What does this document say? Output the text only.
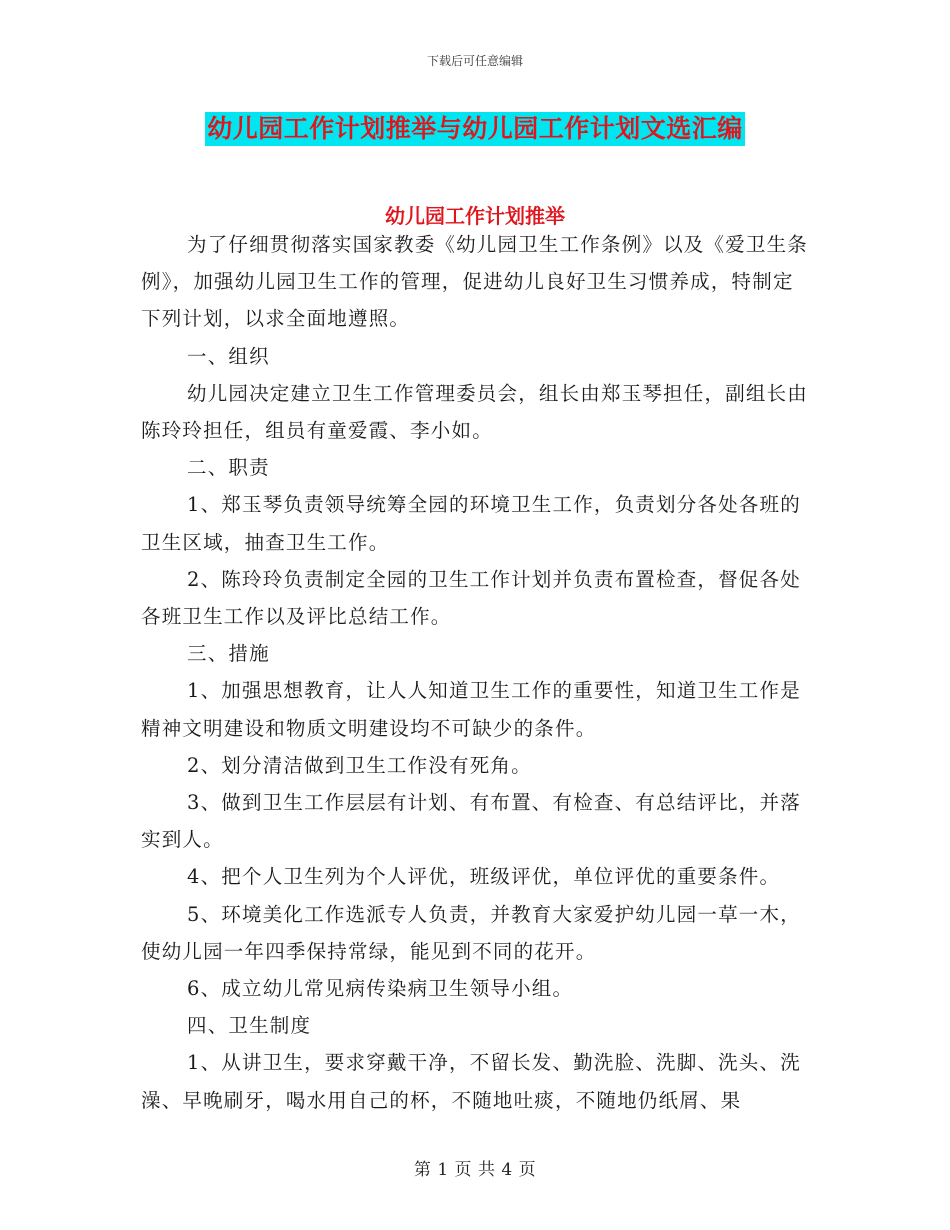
下载后可任意编辑
幼儿园工作计划推举与幼儿园工作计划文选汇编
幼儿园工作计划推举

为了仔细贯彻落实国家教委《幼儿园卫生工作条例》以及《爱卫生条例》，加强幼儿园卫生工作的管理，促进幼儿良好卫生习惯养成，特制定下列计划，以求全面地遵照。

一、组织

幼儿园决定建立卫生工作管理委员会，组长由郑玉琴担任，副组长由陈玲玲担任，组员有童爱霞、李小如。

二、职责

1、郑玉琴负责领导统筹全园的环境卫生工作，负责划分各处各班的卫生区域，抽查卫生工作。

2、陈玲玲负责制定全园的卫生工作计划并负责布置检查，督促各处各班卫生工作以及评比总结工作。

三、措施

1、加强思想教育，让人人知道卫生工作的重要性，知道卫生工作是精神文明建设和物质文明建设均不可缺少的条件。

2、划分清洁做到卫生工作没有死角。

3、做到卫生工作层层有计划、有布置、有检查、有总结评比，并落实到人。

4、把个人卫生列为个人评优，班级评优，单位评优的重要条件。

5、环境美化工作选派专人负责，并教育大家爱护幼儿园一草一木，使幼儿园一年四季保持常绿，能见到不同的花开。

6、成立幼儿常见病传染病卫生领导小组。

四、卫生制度

1、从讲卫生，要求穿戴干净，不留长发、勤洗脸、洗脚、洗头、洗澡、早晚刷牙，喝水用自己的杯，不随地吐痰，不随地仍纸屑、果

第 1 页 共 4 页
